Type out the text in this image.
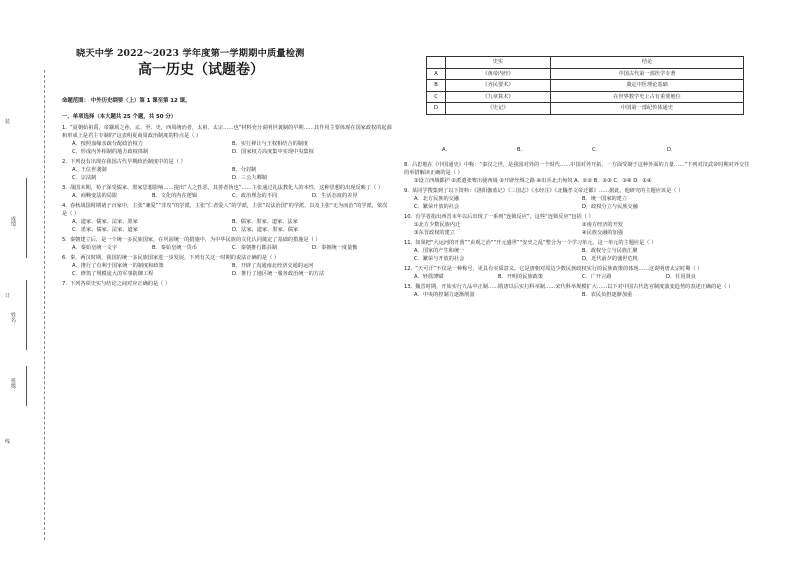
装
订
线
成绩：
姓名：
班级：
晓天中学 2022～2023 学年度第一学期期中质量检测
高一历史（试题卷）
命题范围： 中外历史纲要（上）第 1 课至第 12 课。
一、单项选择（本大题共 25 个题，共 50 分）
1. “夏朝始祖禹，帝颛顼之孙，玄、至、史，西周统治者，太祖、太宗……也”材料充分说明世袭制的早期……其作用主要体现在国家政权的起源和形成上是君主专制的”这表明夏商周政治制度的特点是（ ）
A．按照血缘亲疏分配政治权力	B．实行禅让与王权相结合的制度
C．形成内外相制的地方政权体制	D．国家权力高度集中实现中央集权
2. 下列没有出现在我国古代早期政治制度中的是（ ）
A．王位世袭制	B．分封制
C．宗法制	D．三公九卿制
3. 战国末期，荀子深受儒家、墨家思想影响……提出“人之性恶，其善者伪也”……主张通过礼法教化人的本性，这种思想的出现反映了（ ）
A．商鞅变法的局限	B．文化的内在逻辑	C．政治理念的不同	D．生活态度的差异
4. 春秋战国时期诸子百家中，主张“兼爱”“非攻”的学派，主张“仁者爱人”的学派，主张“以法治国”的学派，以及主张“无为而治”的学派，依次是（ ）
A．道家、儒家、法家、墨家	B．儒家、墨家、道家、法家
C．墨家、儒家、法家、道家	D．法家、道家、墨家、儒家
5. 秦朝建立后，是一个统一多民族国家，在巩固统一的措施中，为中华民族的文化认同奠定了基础的措施是（ ）
A．秦始皇统一文字	B．秦始皇统一货币	C．秦朝推行郡县制	D．秦朝统一度量衡
6. 秦、两汉时期，我国的统一多民族国家进一步发展，下列有关这一时期的说法正确的是（ ）
A．推行了有利于国家统一的制度和政策	B．开辟了沟通南北经济交通的运河
C．修筑了规模庞大的军事防御工程	D．推行了地区统一服务政治统一的方法
7. 下列各项史实与结论之间对应正确的是（ ）
	史实	结论
A	《黄帝内经》	中国古代第一部医学专著
B	《齐民要术》	奠定中医理论基础
C	《九章算术》	在世界数学史上占有重要地位
D	《史记》	中国第一部纪传体通史
A．	B．	C．	D．
8. 吕思勉在《中国通史》中称：“秦汉之世，是我国对外的一个时代……中国对外开拓，一方面受制于这种外面的力量……”下列对汉武帝时期对外交往的举措解读正确的是（ ）
①设立西域都护 ②派遣张骞出使西域 ③开辟丝绸之路 ④出兵北击匈奴 A．①② B．②③ C．③④ D．①④
9. 某同学搜集到了以下资料：《洛阳伽蓝记》《三国志》《水经注》《北魏孝文帝迁都》……据此，他研究的主题应该是（ ）
A．北方民族的交融	B．统一国家的建立
C．繁荣开放的社会	D．政权分立与民族交融
10. 有学者指出西晋末年以后出现了一系列“连锁反应”，这些“连锁反应”包括（ ）
①北方少数民族内迁	②南方经济的开发
③东晋政权的建立	④民族交融的加强
11. 如果把“大运河的开凿”“贞观之治”“开元盛世”“安史之乱”整合为一个学习单元，这一单元的主题应是（ ）
A．国家的产生和统一	B．政权分立与民族汇聚
C．繁荣与开放的社会	D．近代前夕的盛世危机
12. “天可汗”不仅是一种称号，更具有实质意义。它是唐朝对周边少数民族政权实行的民族政策的体现……这说明唐太宗时期（ ）
A．轻徭薄赋	B．开明的民族政策	C．广开言路	D．任用贤良
13. 魏晋时期，开始实行九品中正制……隋唐以后实行科举制……宋代科举规模扩大……以下对中国古代选官制度演变趋势的表述正确的是（ ）
A．中央的控制力逐渐削弱	B．农民负担逐渐加重
